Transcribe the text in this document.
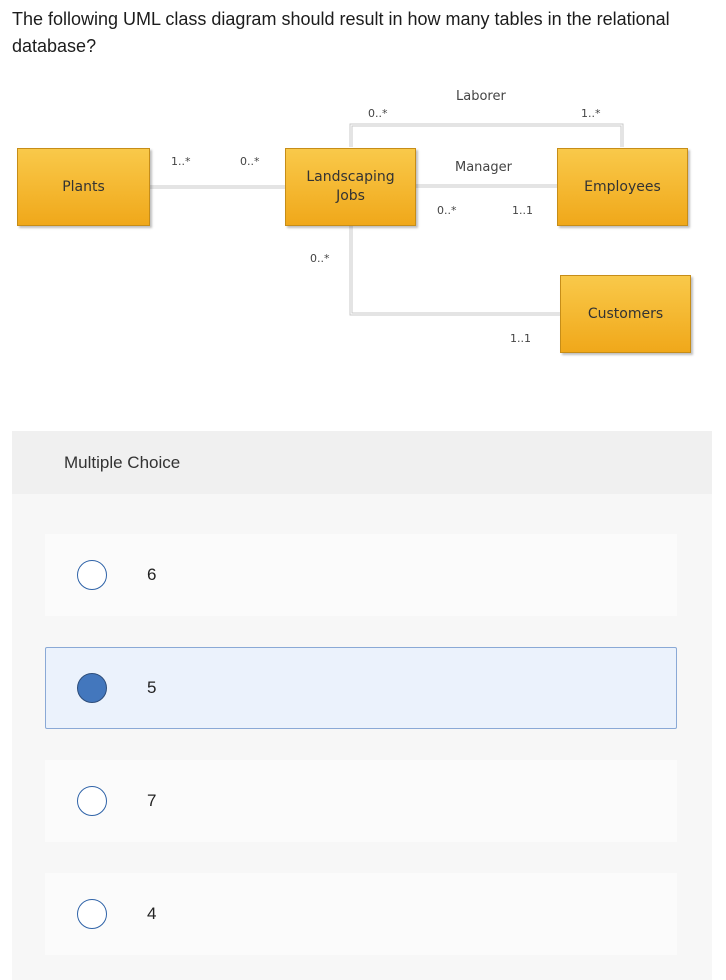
The following UML class diagram should result in how many tables in the relational database?

Plants
Landscaping Jobs
Employees
Customers
Laborer
Manager
1..*	0..*
0..*	1..*
0..*	1..1
0..*
1..1
Multiple Choice
6
5
7
4
